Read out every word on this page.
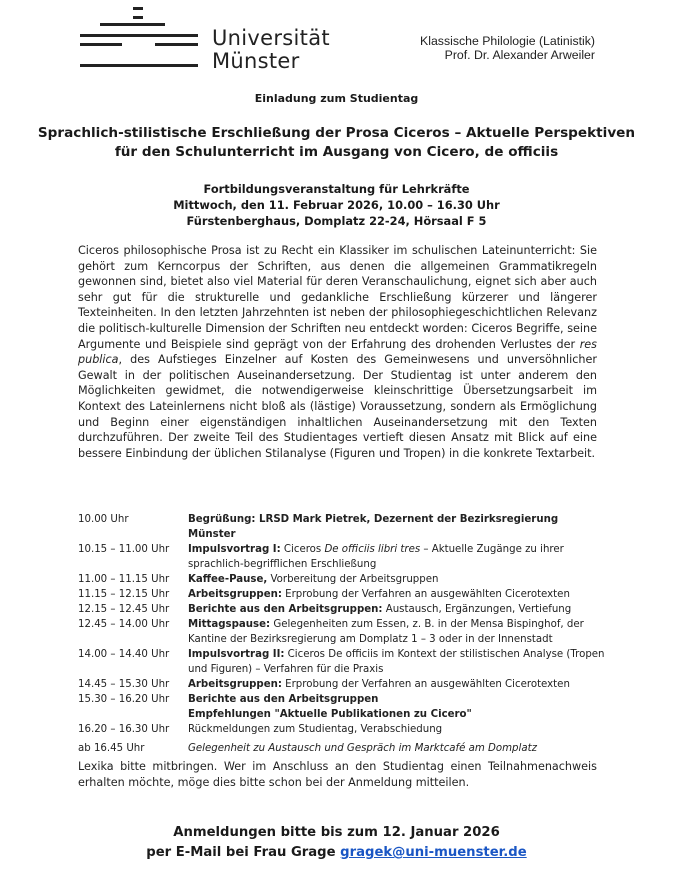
Universität
Münster
Klassische Philologie (Latinistik)
Prof. Dr. Alexander Arweiler
Einladung zum Studientag
Sprachlich-stilistische Erschließung der Prosa Ciceros – Aktuelle Perspektiven
für den Schulunterricht im Ausgang von Cicero, de officiis
Fortbildungsveranstaltung für Lehrkräfte
Mittwoch, den 11. Februar 2026, 10.00 – 16.30 Uhr
Fürstenberghaus, Domplatz 22-24, Hörsaal F 5
Ciceros philosophische Prosa ist zu Recht ein Klassiker im schulischen Lateinunterricht: Sie gehört zum Kerncorpus der Schriften, aus denen die allgemeinen Grammatikregeln gewonnen sind, bietet also viel Material für deren Veranschaulichung, eignet sich aber auch sehr gut für die strukturelle und gedankliche Erschließung kürzerer und längerer Texteinheiten. In den letzten Jahrzehnten ist neben der philosophiegeschichtlichen Relevanz die politisch-kulturelle Dimension der Schriften neu entdeckt worden: Ciceros Begriffe, seine Argumente und Beispiele sind geprägt von der Erfahrung des drohenden Verlustes der res publica, des Aufstieges Einzelner auf Kosten des Gemeinwesens und unversöhnlicher Gewalt in der politischen Auseinandersetzung. Der Studientag ist unter anderem den Möglichkeiten gewidmet, die notwendigerweise kleinschrittige Übersetzungsarbeit im Kontext des Lateinlernens nicht bloß als (lästige) Voraussetzung, sondern als Ermöglichung und Beginn einer eigenständigen inhaltlichen Auseinandersetzung mit den Texten durchzuführen. Der zweite Teil des Studientages vertieft diesen Ansatz mit Blick auf eine bessere Einbindung der üblichen Stilanalyse (Figuren und Tropen) in die konkrete Textarbeit.
10.00 Uhr	Begrüßung: LRSD Mark Pietrek, Dezernent der Bezirksregierung Münster
10.15 – 11.00 Uhr	Impulsvortrag I: Ciceros De officiis libri tres – Aktuelle Zugänge zu ihrer sprachlich-begrifflichen Erschließung
11.00 – 11.15 Uhr	Kaffee-Pause, Vorbereitung der Arbeitsgruppen
11.15 – 12.15 Uhr	Arbeitsgruppen: Erprobung der Verfahren an ausgewählten Cicerotexten
12.15 – 12.45 Uhr	Berichte aus den Arbeitsgruppen: Austausch, Ergänzungen, Vertiefung
12.45 – 14.00 Uhr	Mittagspause: Gelegenheiten zum Essen, z. B. in der Mensa Bispinghof, der Kantine der Bezirksregierung am Domplatz 1 – 3 oder in der Innenstadt
14.00 – 14.40 Uhr	Impulsvortrag II: Ciceros De officiis im Kontext der stilistischen Analyse (Tropen und Figuren) – Verfahren für die Praxis
14.45 – 15.30 Uhr	Arbeitsgruppen: Erprobung der Verfahren an ausgewählten Cicerotexten
15.30 – 16.20 Uhr	Berichte aus den Arbeitsgruppen
Empfehlungen "Aktuelle Publikationen zu Cicero"
16.20 – 16.30 Uhr	Rückmeldungen zum Studientag, Verabschiedung
ab 16.45 Uhr	Gelegenheit zu Austausch und Gespräch im Marktcafé am Domplatz
Lexika bitte mitbringen. Wer im Anschluss an den Studientag einen Teilnahmenachweis erhalten möchte, möge dies bitte schon bei der Anmeldung mitteilen.
Anmeldungen bitte bis zum 12. Januar 2026
per E-Mail bei Frau Grage gragek@uni-muenster.de
